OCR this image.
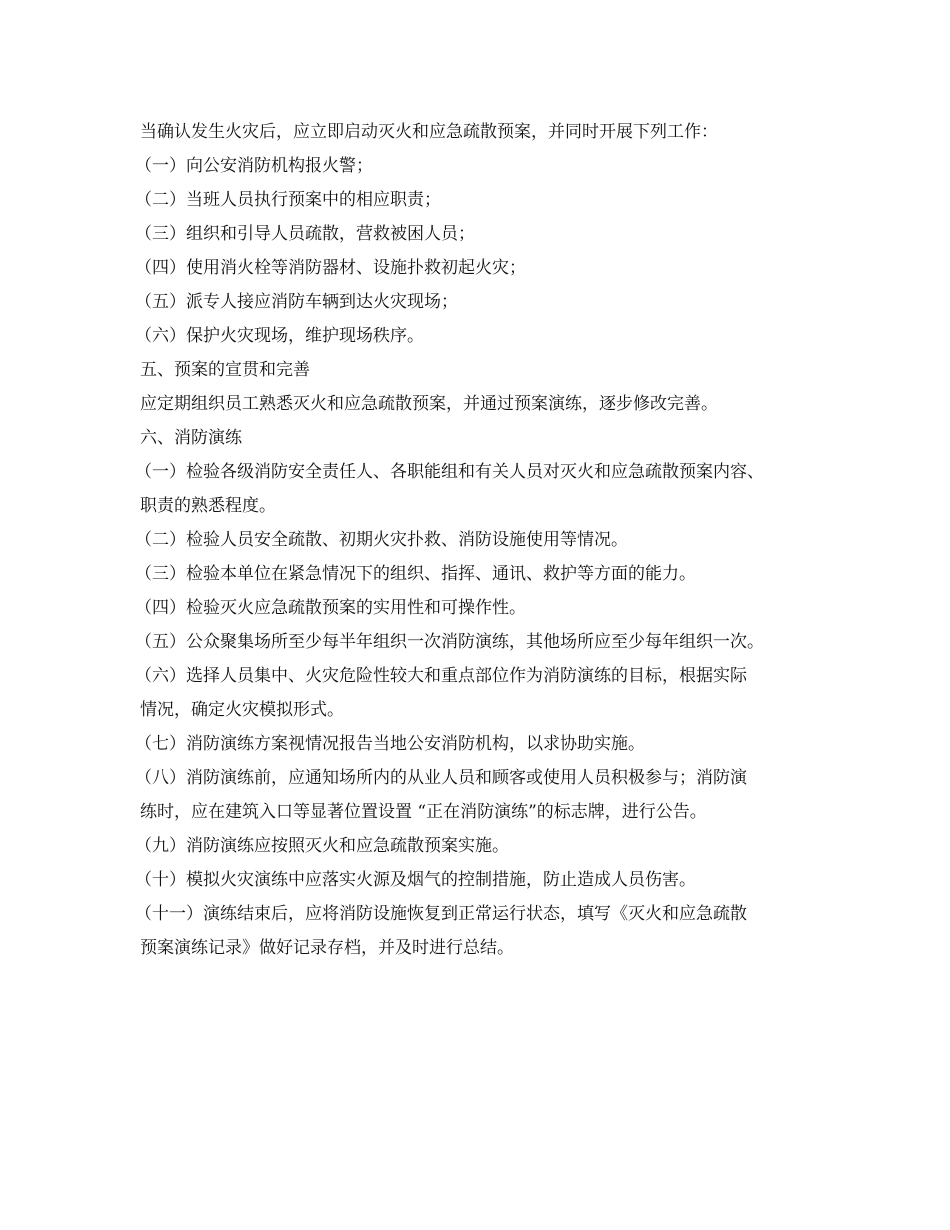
当确认发生火灾后，应立即启动灭火和应急疏散预案，并同时开展下列工作：
（一）向公安消防机构报火警；
（二）当班人员执行预案中的相应职责；
（三）组织和引导人员疏散，营救被困人员；
（四）使用消火栓等消防器材、设施扑救初起火灾；
（五）派专人接应消防车辆到达火灾现场；
（六）保护火灾现场，维护现场秩序。
五、预案的宣贯和完善
应定期组织员工熟悉灭火和应急疏散预案，并通过预案演练，逐步修改完善。
六、消防演练
（一）检验各级消防安全责任人、各职能组和有关人员对灭火和应急疏散预案内容、
职责的熟悉程度。
（二）检验人员安全疏散、初期火灾扑救、消防设施使用等情况。
（三）检验本单位在紧急情况下的组织、指挥、通讯、救护等方面的能力。
（四）检验灭火应急疏散预案的实用性和可操作性。
（五）公众聚集场所至少每半年组织一次消防演练，其他场所应至少每年组织一次。
（六）选择人员集中、火灾危险性较大和重点部位作为消防演练的目标，根据实际
情况，确定火灾模拟形式。
（七）消防演练方案视情况报告当地公安消防机构，以求协助实施。
（八）消防演练前，应通知场所内的从业人员和顾客或使用人员积极参与；消防演
练时，应在建筑入口等显著位置设置 “正在消防演练”的标志牌，进行公告。
（九）消防演练应按照灭火和应急疏散预案实施。
（十）模拟火灾演练中应落实火源及烟气的控制措施，防止造成人员伤害。
（十一）演练结束后，应将消防设施恢复到正常运行状态，填写《灭火和应急疏散
预案演练记录》做好记录存档，并及时进行总结。
